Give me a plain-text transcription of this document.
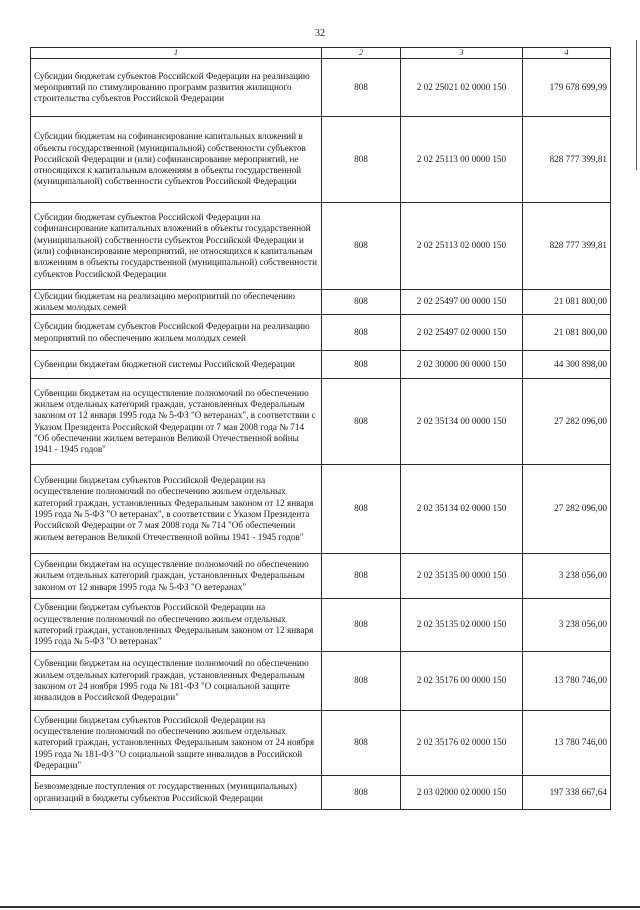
32
1	2	3	4
Субсидии бюджетам субъектов Российской Федерации на реализацию мероприятий по стимулированию программ развития жилищного строительства субъектов Российской Федерации	808	2 02 25021 02 0000 150	179 678 699,99
Субсидии бюджетам на софинансирование капитальных вложений в объекты государственной (муниципальной) собственности субъектов Российской Федерации и (или) софинансирование мероприятий, не относящихся к капитальным вложениям в объекты государственной (муниципальной) собственности субъектов Российской Федерации	808	2 02 25113 00 0000 150	828 777 399,81
Субсидии бюджетам субъектов Российской Федерации на софинансирование капитальных вложений в объекты государственной (муниципальной) собственности субъектов Российской Федерации и (или) софинансирование мероприятий, не относящихся к капитальным вложениям в объекты государственной (муниципальной) собственности субъектов Российской Федерации	808	2 02 25113 02 0000 150	828 777 399,81
Субсидии бюджетам на реализацию мероприятий по обеспечению жильем молодых семей	808	2 02 25497 00 0000 150	21 081 800,00
Субсидии бюджетам субъектов Российской Федерации на реализацию мероприятий по обеспечению жильем молодых семей	808	2 02 25497 02 0000 150	21 081 800,00
Субвенции бюджетам бюджетной системы Российской Федерации	808	2 02 30000 00 0000 150	44 300 898,00
Субвенции бюджетам на осуществление полномочий по обеспечению жильем отдельных категорий граждан, установленных Федеральным законом от 12 января 1995 года № 5-ФЗ "О ветеранах", в соответствии с Указом Президента Российской Федерации от 7 мая 2008 года № 714 "Об обеспечении жильем ветеранов Великой Отечественной войны 1941 - 1945 годов"	808	2 02 35134 00 0000 150	27 282 096,00
Субвенции бюджетам субъектов Российской Федерации на осуществление полномочий по обеспечению жильем отдельных категорий граждан, установленных Федеральным законом от 12 января 1995 года № 5-ФЗ "О ветеранах", в соответствии с Указом Президента Российской Федерации от 7 мая 2008 года № 714 "Об обеспечении жильем ветеранов Великой Отечественной войны 1941 - 1945 годов"	808	2 02 35134 02 0000 150	27 282 096,00
Субвенции бюджетам на осуществление полномочий по обеспечению жильем отдельных категорий граждан, установленных Федеральным законом от 12 января 1995 года № 5-ФЗ "О ветеранах"	808	2 02 35135 00 0000 150	3 238 056,00
Субвенции бюджетам субъектов Российской Федерации на осуществление полномочий по обеспечению жильем отдельных категорий граждан, установленных Федеральным законом от 12 января 1995 года № 5-ФЗ "О ветеранах"	808	2 02 35135 02 0000 150	3 238 056,00
Субвенции бюджетам на осуществление полномочий по обеспечению жильем отдельных категорий граждан, установленных Федеральным законом от 24 ноября 1995 года № 181-ФЗ "О социальной защите инвалидов в Российской Федерации"	808	2 02 35176 00 0000 150	13 780 746,00
Субвенции бюджетам субъектов Российской Федерации на осуществление полномочий по обеспечению жильем отдельных категорий граждан, установленных Федеральным законом от 24 ноября 1995 года № 181-ФЗ "О социальной защите инвалидов в Российской Федерации"	808	2 02 35176 02 0000 150	13 780 746,00
Безвозмездные поступления от государственных (муниципальных) организаций в бюджеты субъектов Российской Федерации	808	2 03 02000 02 0000 150	197 338 667,64
